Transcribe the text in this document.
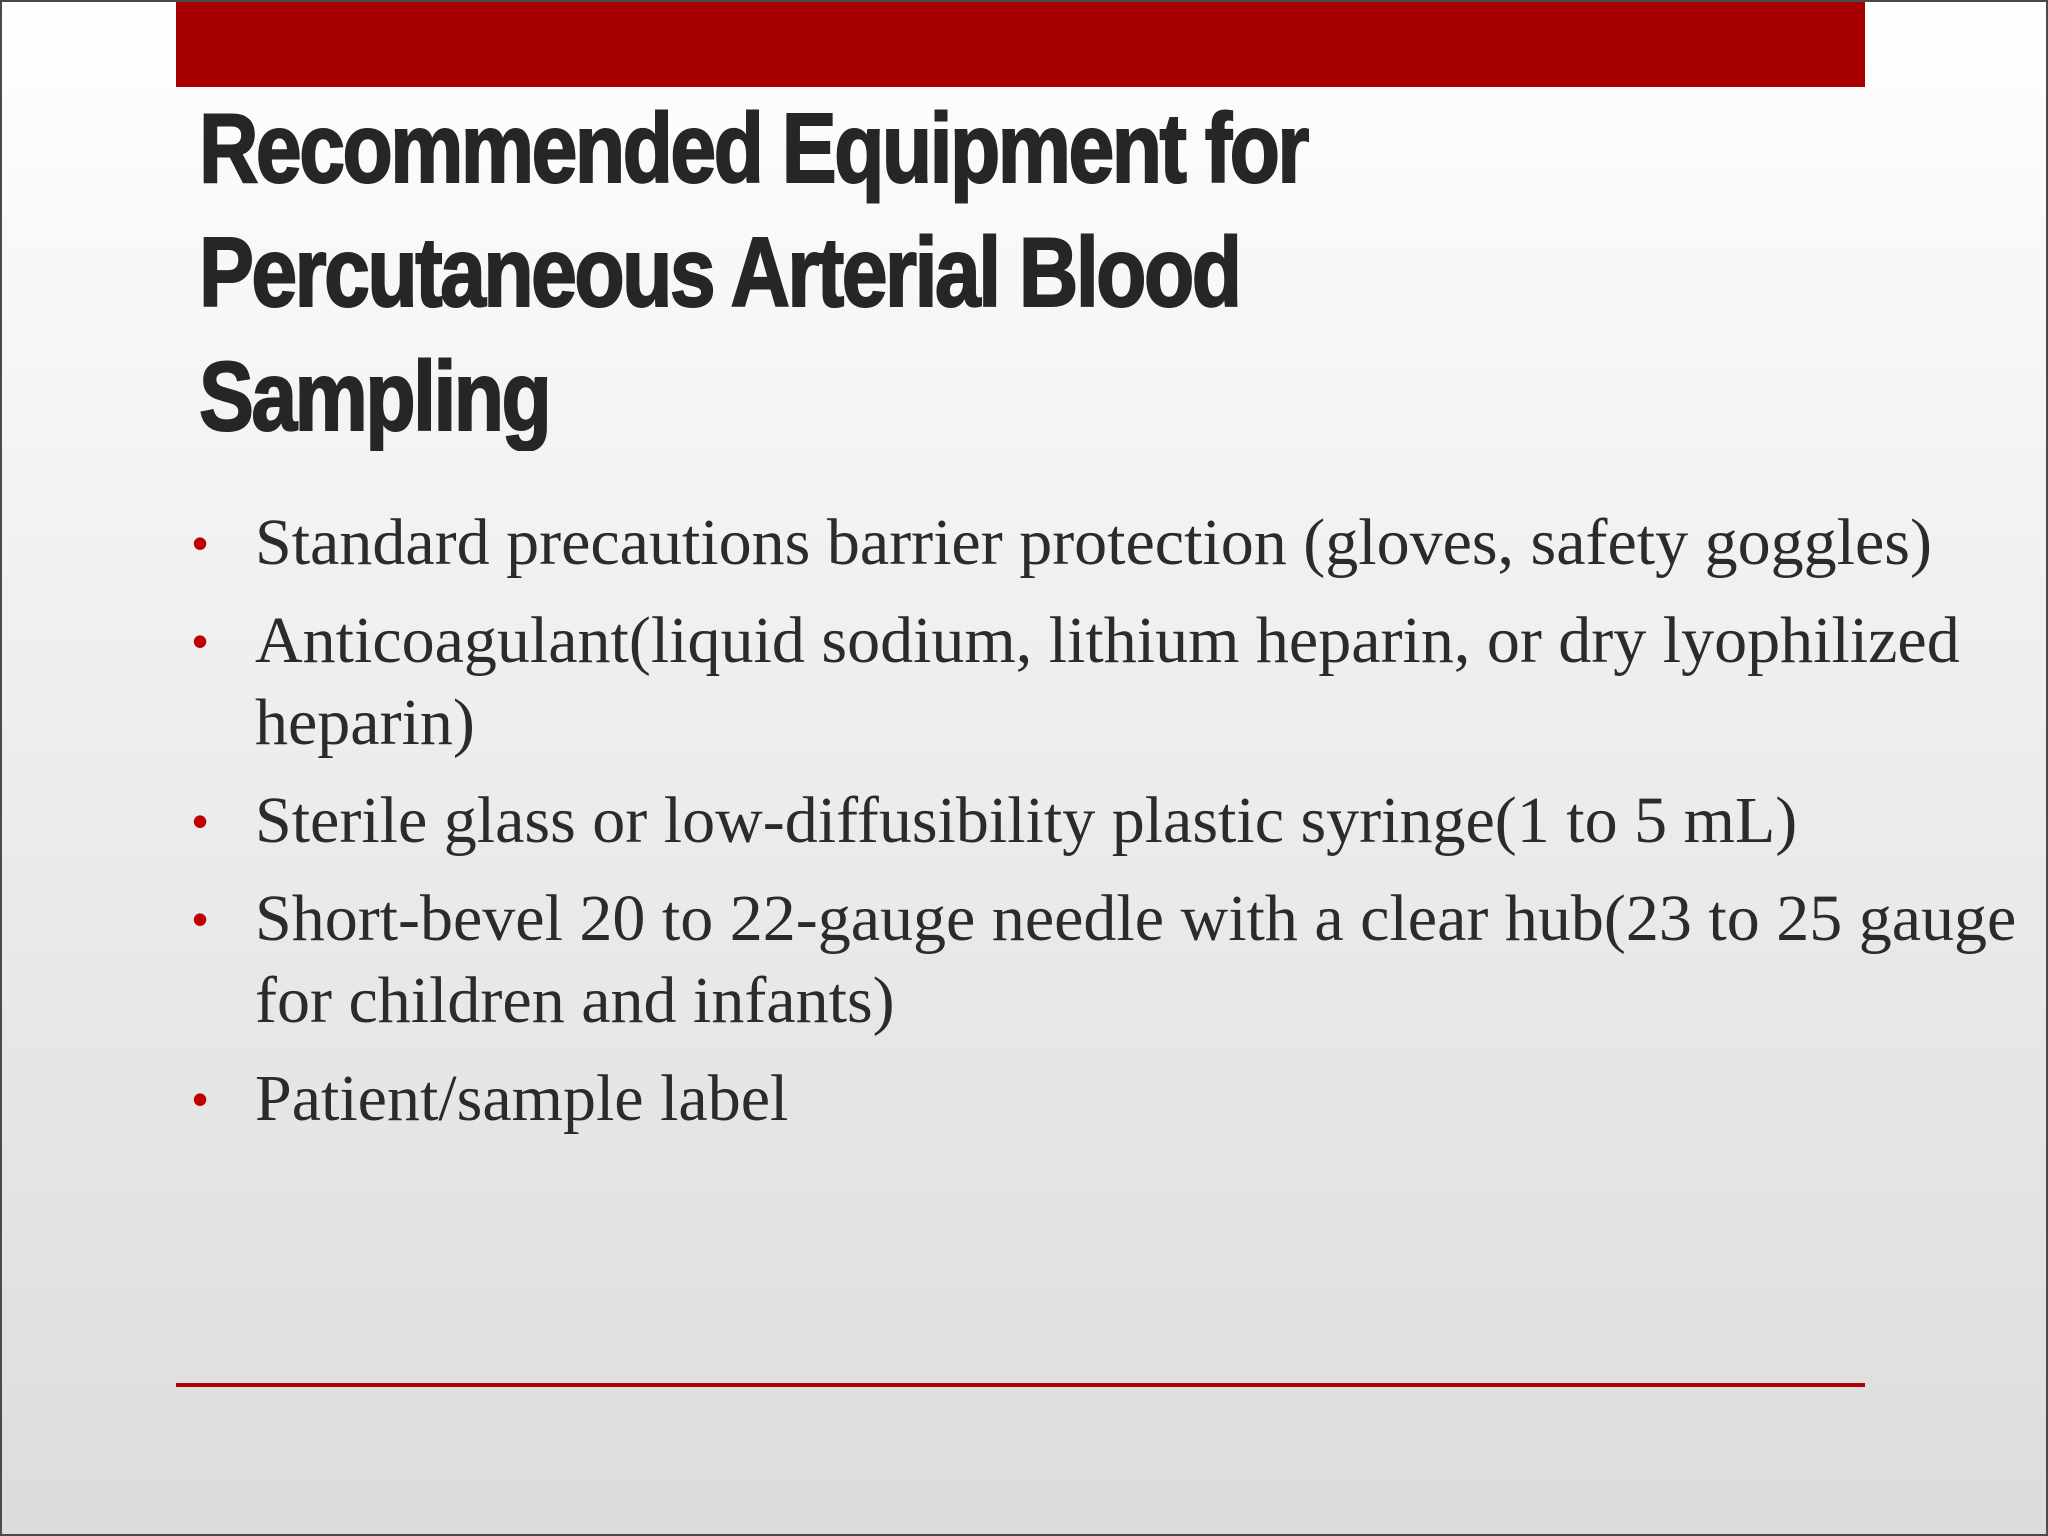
Recommended Equipment for
Percutaneous Arterial Blood
Sampling
• Standard precautions barrier protection (gloves, safety goggles)
• Anticoagulant(liquid sodium, lithium heparin, or dry lyophilized heparin)
• Sterile glass or low-diffusibility plastic syringe(1 to 5 mL)
• Short-bevel 20 to 22-gauge needle with a clear hub(23 to 25 gauge for children and infants)
• Patient/sample label
